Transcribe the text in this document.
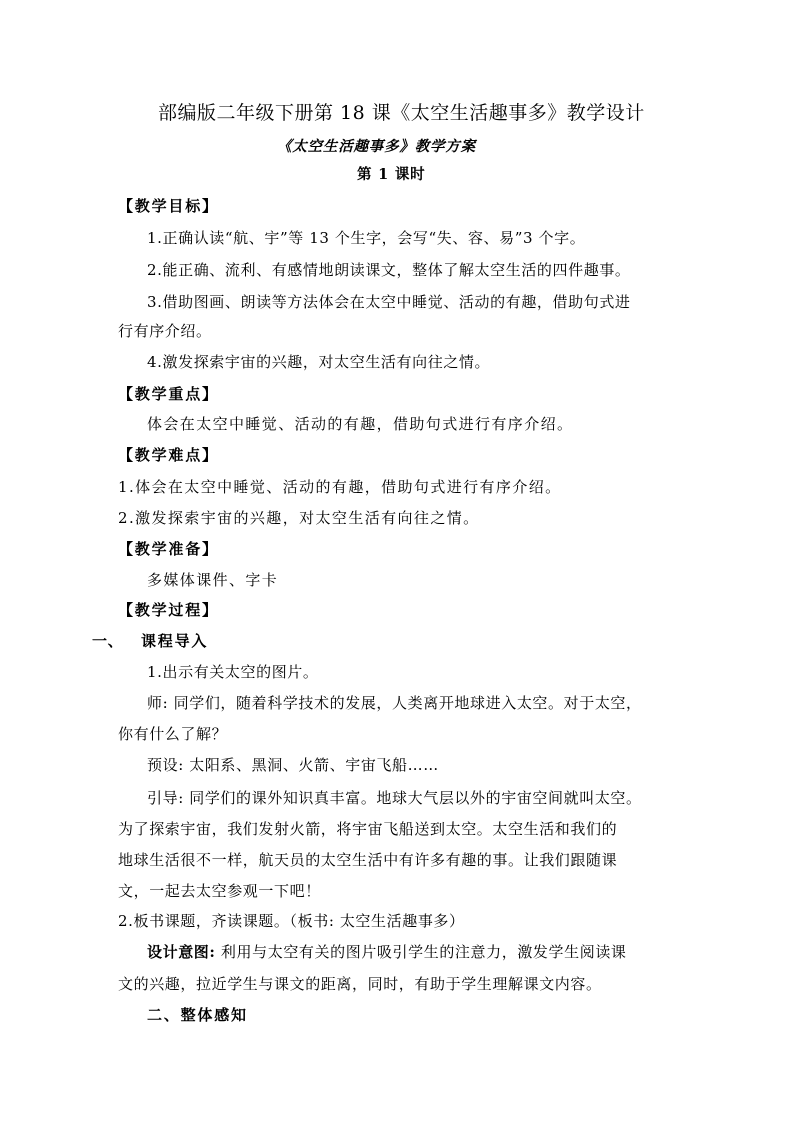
部编版二年级下册第 18 课《太空生活趣事多》教学设计
《太空生活趣事多》教学方案
第 1 课时
【教学目标】
1.正确认读“航、宇”等 13 个生字，会写“失、容、易”3 个字。
2.能正确、流利、有感情地朗读课文，整体了解太空生活的四件趣事。
3.借助图画、朗读等方法体会在太空中睡觉、活动的有趣，借助句式进
行有序介绍。
4.激发探索宇宙的兴趣，对太空生活有向往之情。
【教学重点】
体会在太空中睡觉、活动的有趣，借助句式进行有序介绍。
【教学难点】
1.体会在太空中睡觉、活动的有趣，借助句式进行有序介绍。
2.激发探索宇宙的兴趣，对太空生活有向往之情。
【教学准备】
多媒体课件、字卡
【教学过程】
一、 课程导入
1.出示有关太空的图片。
师: 同学们，随着科学技术的发展，人类离开地球进入太空。对于太空，
你有什么了解？
预设: 太阳系、黑洞、火箭、宇宙飞船……
引导: 同学们的课外知识真丰富。地球大气层以外的宇宙空间就叫太空。
为了探索宇宙，我们发射火箭，将宇宙飞船送到太空。太空生活和我们的
地球生活很不一样，航天员的太空生活中有许多有趣的事。让我们跟随课
文，一起去太空参观一下吧！
2.板书课题，齐读课题。（板书: 太空生活趣事多）
设计意图: 利用与太空有关的图片吸引学生的注意力，激发学生阅读课
文的兴趣，拉近学生与课文的距离，同时，有助于学生理解课文内容。
二、整体感知
